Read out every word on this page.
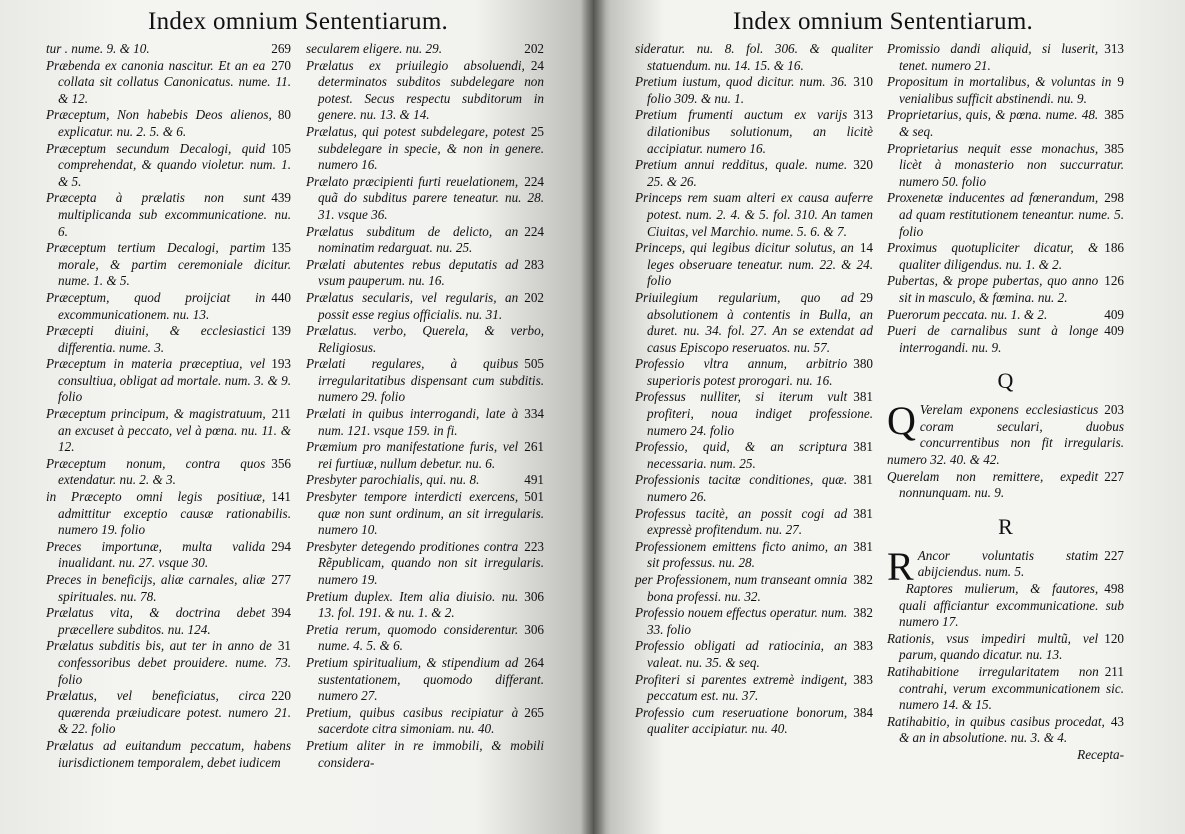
Index omnium Sententiarum.
269
tur . nume. 9. & 10.
270
Præbenda ex canonia nascitur. Et an ea collata sit collatus Canonicatus. nume. 11. & 12.
80
Præceptum, Non habebis Deos alienos, explicatur. nu. 2. 5. & 6.
105
Præceptum secundum Decalogi, quid comprehendat, & quando violetur. num. 1. & 5.
439
Præcepta à prælatis non sunt multiplicanda sub excommunicatione. nu. 6.
135
Præceptum tertium Decalogi, partim morale, & partim ceremoniale dicitur. nume. 1. & 5.
440
Præceptum, quod proijciat in excommunicationem. nu. 13.
139
Præcepti diuini, & ecclesiastici differentia. nume. 3.
193
Præceptum in materia præceptiua, vel consultiua, obligat ad mortale. num. 3. & 9. folio
211
Præceptum principum, & magistratuum, an excuset à peccato, vel à pœna. nu. 11. & 12.
356
Præceptum nonum, contra quos extendatur. nu. 2. & 3.
141
in Præcepto omni legis positiuæ, admittitur exceptio causæ rationabilis. numero 19. folio
294
Preces importunæ, multa valida inualidant. nu. 27. vsque 30.
277
Preces in beneficijs, aliæ carnales, aliæ spirituales. nu. 78.
394
Prælatus vita, & doctrina debet præcellere subditos. nu. 124.
31
Prælatus subditis bis, aut ter in anno de confessoribus debet prouidere. nume. 73. folio
220
Prælatus, vel beneficiatus, circa quærenda præiudicare potest. numero 21. & 22. folio
Prælatus ad euitandum peccatum, habens iurisdictionem temporalem, debet iudicem
202
secularem eligere. nu. 29.
24
Prælatus ex priuilegio absoluendi, determinatos subditos subdelegare non potest. Secus respectu subditorum in genere. nu. 13. & 14.
25
Prælatus, qui potest subdelegare, potest subdelegare in specie, & non in genere. numero 16.
224
Prælato præcipienti furti reuelationem, quã do subditus parere teneatur. nu. 28. 31. vsque 36.
224
Prælatus subditum de delicto, an nominatim redarguat. nu. 25.
283
Prælati abutentes rebus deputatis ad vsum pauperum. nu. 16.
202
Prælatus secularis, vel regularis, an possit esse regius officialis. nu. 31.
Prælatus. verbo, Querela, & verbo, Religiosus.
505
Prælati regulares, à quibus irregularitatibus dispensant cum subditis. numero 29. folio
334
Prælati in quibus interrogandi, late à num. 121. vsque 159. in fi.
261
Præmium pro manifestatione furis, vel rei furtiuæ, nullum debetur. nu. 6.
491
Presbyter parochialis, qui. nu. 8.
501
Presbyter tempore interdicti exercens, quæ non sunt ordinum, an sit irregularis. numero 10.
223
Presbyter detegendo proditiones contra Rẽpublicam, quando non sit irregularis. numero 19.
306
Pretium duplex. Item alia diuisio. nu. 13. fol. 191. & nu. 1. & 2.
306
Pretia rerum, quomodo considerentur. nume. 4. 5. & 6.
264
Pretium spiritualium, & stipendium ad sustentationem, quomodo differant. numero 27.
265
Pretium, quibus casibus recipiatur à sacerdote citra simoniam. nu. 40.
Pretium aliter in re immobili, & mobili considera-
Index omnium Sententiarum.
sideratur. nu. 8. fol. 306. & qualiter statuendum. nu. 14. 15. & 16.
310
Pretium iustum, quod dicitur. num. 36. folio 309. & nu. 1.
313
Pretium frumenti auctum ex varijs dilationibus solutionum, an licitè accipiatur. numero 16.
320
Pretium annui redditus, quale. nume. 25. & 26.
Princeps rem suam alteri ex causa auferre potest. num. 2. 4. & 5. fol. 310. An tamen Ciuitas, vel Marchio. nume. 5. 6. & 7.
14
Princeps, qui legibus dicitur solutus, an leges obseruare teneatur. num. 22. & 24. folio
29
Priuilegium regularium, quo ad absolutionem à contentis in Bulla, an duret. nu. 34. fol. 27. An se extendat ad casus Episcopo reseruatos. nu. 57.
380
Professio vltra annum, arbitrio superioris potest prorogari. nu. 16.
381
Professus nulliter, si iterum vult profiteri, noua indiget professione. numero 24. folio
381
Professio, quid, & an scriptura necessaria. num. 25.
381
Professionis tacitæ conditiones, quæ. numero 26.
381
Professus tacitè, an possit cogi ad expressè profitendum. nu. 27.
381
Professionem emittens ficto animo, an sit professus. nu. 28.
382
per Professionem, num transeant omnia bona professi. nu. 32.
382
Professio nouem effectus operatur. num. 33. folio
383
Professio obligati ad ratiocinia, an valeat. nu. 35. & seq.
383
Profiteri si parentes extremè indigent, peccatum est. nu. 37.
384
Professio cum reseruatione bonorum, qualiter accipiatur. nu. 40.
313
Promissio dandi aliquid, si luserit, tenet. numero 21.
9
Propositum in mortalibus, & voluntas in venialibus sufficit abstinendi. nu. 9.
385
Proprietarius, quis, & pœna. nume. 48. & seq.
385
Proprietarius nequit esse monachus, licèt à monasterio non succurratur. numero 50. folio
298
Proxenetæ inducentes ad fœnerandum, ad quam restitutionem teneantur. nume. 5. folio
186
Proximus quotupliciter dicatur, & qualiter diligendus. nu. 1. & 2.
126
Pubertas, & prope pubertas, quo anno sit in masculo, & fœmina. nu. 2.
409
Puerorum peccata. nu. 1. & 2.
409
Pueri de carnalibus sunt à longe interrogandi. nu. 9.
Q
Q	203
Verelam exponens ecclesiasticus coram seculari, duobus concurrentibus non fit irregularis. numero 32. 40. & 42.
227
Querelam non remittere, expedit nonnunquam. nu. 9.
R
R	227
Ancor voluntatis statim abijciendus. num. 5.
498
Raptores mulierum, & fautores, quali afficiantur excommunicatione. sub numero 17.
120
Rationis, vsus impediri multũ, vel parum, quando dicatur. nu. 13.
211
Ratihabitione irregularitatem non contrahi, verum excommunicationem sic. numero 14. & 15.
43
Ratihabitio, in quibus casibus procedat, & an in absolutione. nu. 3. & 4.
Recepta-
